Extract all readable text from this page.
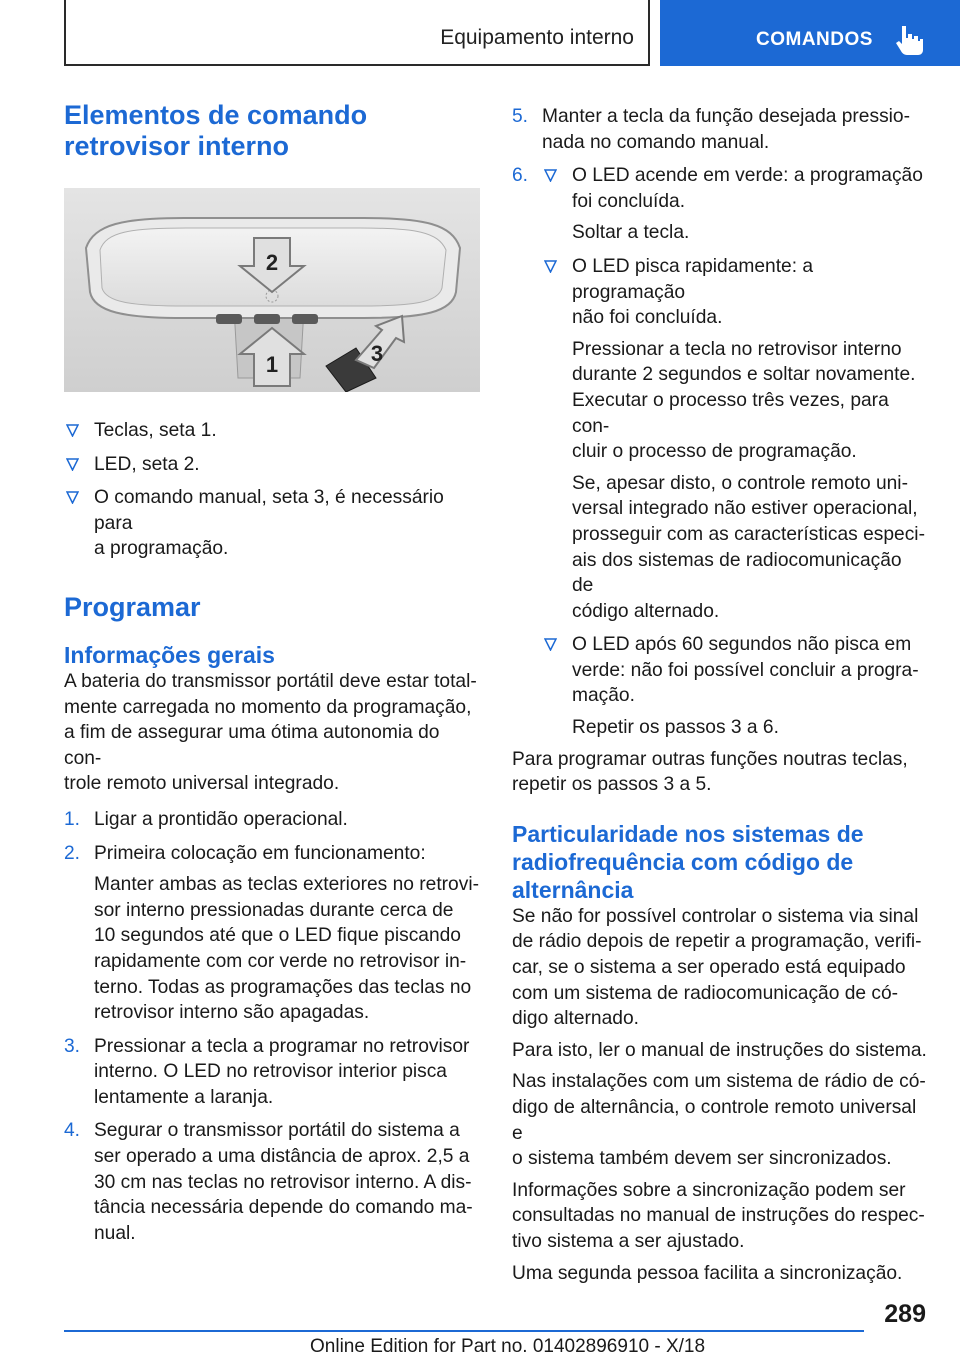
Equipamento interno	COMANDOS
Elementos de comando
retrovisor interno
2
1	3
Teclas, seta 1.
LED, seta 2.
O comando manual, seta 3, é necessário para
a programação.
Programar
Informações gerais

A bateria do transmissor portátil deve estar total-
mente carregada no momento da programação,
a fim de assegurar uma ótima autonomia do con-
trole remoto universal integrado.

1. Ligar a prontidão operacional.
2. Primeira colocação em funcionamento:
Manter ambas as teclas exteriores no retrovi-
sor interno pressionadas durante cerca de
10 segundos até que o LED fique piscando
rapidamente com cor verde no retrovisor in-
terno. Todas as programações das teclas no
retrovisor interno são apagadas.
3. Pressionar a tecla a programar no retrovisor
interno. O LED no retrovisor interior pisca
lentamente a laranja.
4. Segurar o transmissor portátil do sistema a
ser operado a uma distância de aprox. 2,5 a
30 cm nas teclas no retrovisor interno. A dis-
tância necessária depende do comando ma-
nual.
5. Manter a tecla da função desejada pressio-
nada no comando manual.
6.	O LED acende em verde: a programação
foi concluída.
Soltar a tecla.
O LED pisca rapidamente: a programação
não foi concluída.
Pressionar a tecla no retrovisor interno
durante 2 segundos e soltar novamente.
Executar o processo três vezes, para con-
cluir o processo de programação.
Se, apesar disto, o controle remoto uni-
versal integrado não estiver operacional,
prosseguir com as características especi-
ais dos sistemas de radiocomunicação de
código alternado.
O LED após 60 segundos não pisca em
verde: não foi possível concluir a progra-
mação.
Repetir os passos 3 a 6.

Para programar outras funções noutras teclas,
repetir os passos 3 a 5.

Particularidade nos sistemas de
radiofrequência com código de
alternância

Se não for possível controlar o sistema via sinal
de rádio depois de repetir a programação, verifi-
car, se o sistema a ser operado está equipado
com um sistema de radiocomunicação de có-
digo alternado.

Para isto, ler o manual de instruções do sistema.

Nas instalações com um sistema de rádio de có-
digo de alternância, o controle remoto universal e
o sistema também devem ser sincronizados.

Informações sobre a sincronização podem ser
consultadas no manual de instruções do respec-
tivo sistema a ser ajustado.

Uma segunda pessoa facilita a sincronização.

289
Online Edition for Part no. 01402896910 - X/18
